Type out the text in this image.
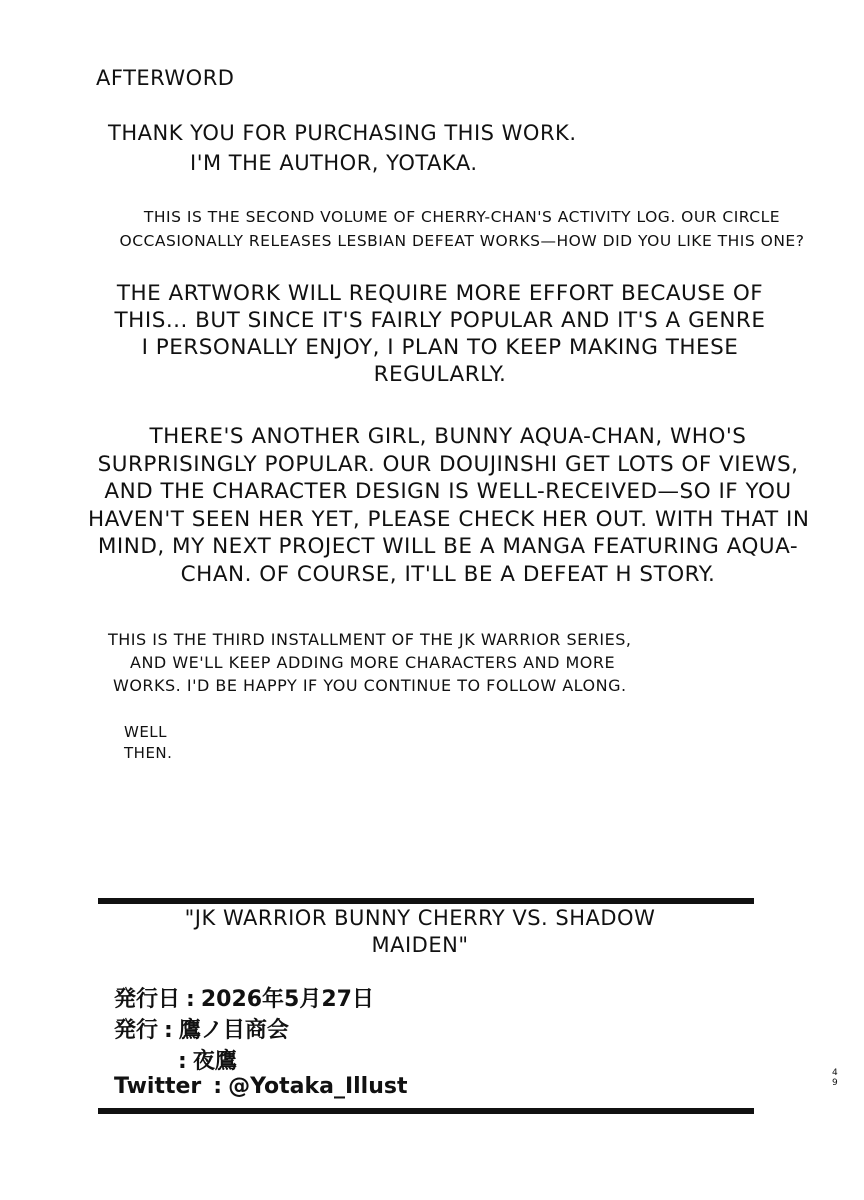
AFTERWORD
THANK YOU FOR PURCHASING THIS WORK.
I'M THE AUTHOR, YOTAKA.
THIS IS THE SECOND VOLUME OF CHERRY-CHAN'S ACTIVITY LOG. OUR CIRCLE
OCCASIONALLY RELEASES LESBIAN DEFEAT WORKS—HOW DID YOU LIKE THIS ONE?
THE ARTWORK WILL REQUIRE MORE EFFORT BECAUSE OF
THIS... BUT SINCE IT'S FAIRLY POPULAR AND IT'S A GENRE
I PERSONALLY ENJOY, I PLAN TO KEEP MAKING THESE
REGULARLY.
THERE'S ANOTHER GIRL, BUNNY AQUA-CHAN, WHO'S
SURPRISINGLY POPULAR. OUR DOUJINSHI GET LOTS OF VIEWS,
AND THE CHARACTER DESIGN IS WELL-RECEIVED—SO IF YOU
HAVEN'T SEEN HER YET, PLEASE CHECK HER OUT. WITH THAT IN
MIND, MY NEXT PROJECT WILL BE A MANGA FEATURING AQUA-
CHAN. OF COURSE, IT'LL BE A DEFEAT H STORY.
THIS IS THE THIRD INSTALLMENT OF THE JK WARRIOR SERIES,
AND WE'LL KEEP ADDING MORE CHARACTERS AND MORE
WORKS. I'D BE HAPPY IF YOU CONTINUE TO FOLLOW ALONG.
WELL
THEN.
"JK WARRIOR BUNNY CHERRY VS. SHADOW
MAIDEN"
発行日 : 2026年5月27日
発行 : 鷹ノ目商会
: 夜鷹
Twitter : @Yotaka_Illust
4
9
